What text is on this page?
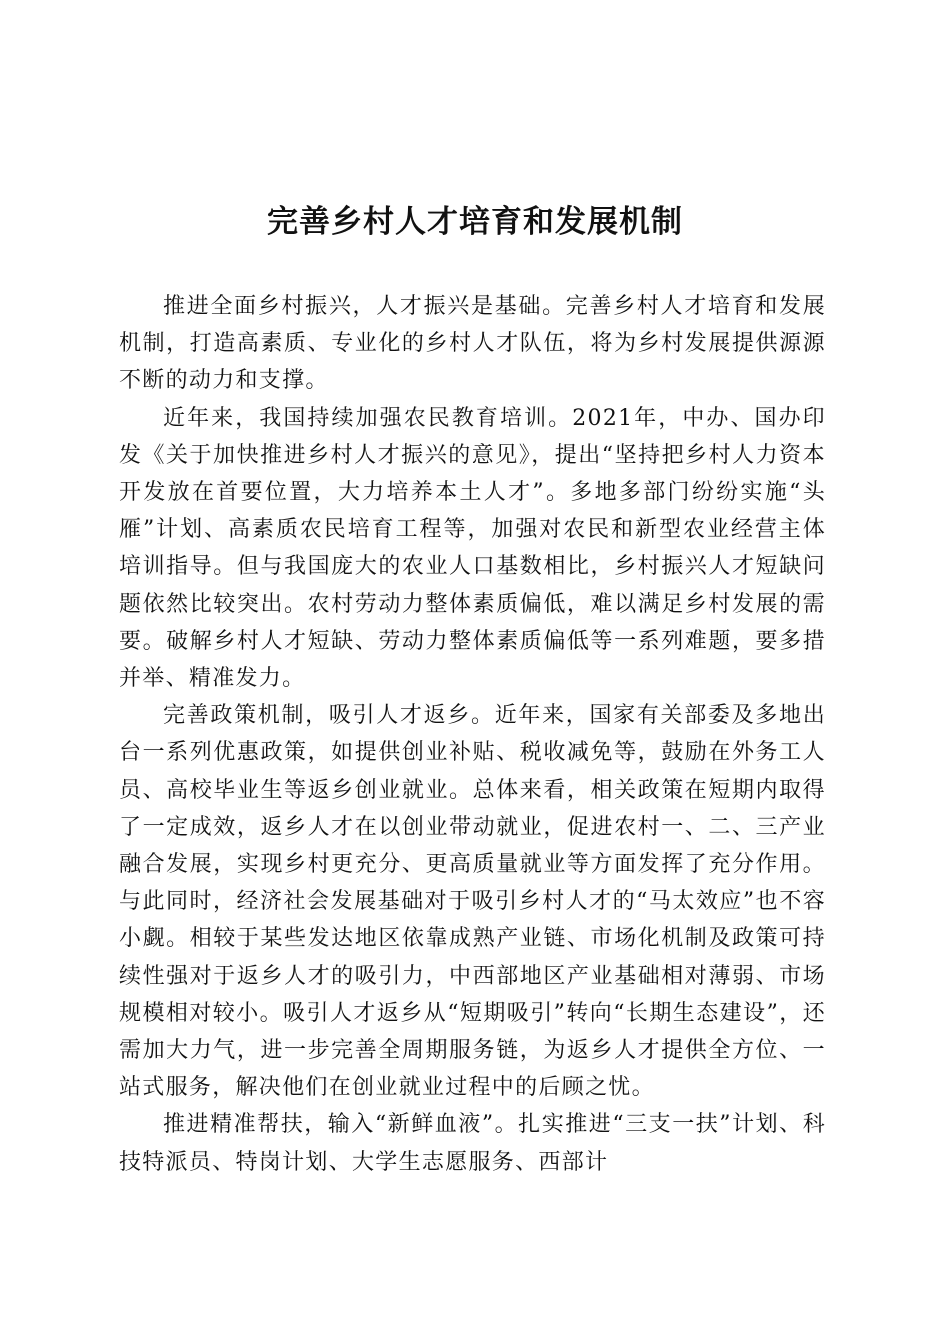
完善乡村人才培育和发展机制

推进全面乡村振兴，人才振兴是基础。完善乡村人才培育和发展机制，打造高素质、专业化的乡村人才队伍，将为乡村发展提供源源不断的动力和支撑。

近年来，我国持续加强农民教育培训。2021年，中办、国办印发《关于加快推进乡村人才振兴的意见》，提出“坚持把乡村人力资本开发放在首要位置，大力培养本土人才”。多地多部门纷纷实施“头雁”计划、高素质农民培育工程等，加强对农民和新型农业经营主体培训指导。但与我国庞大的农业人口基数相比，乡村振兴人才短缺问题依然比较突出。农村劳动力整体素质偏低，难以满足乡村发展的需要。破解乡村人才短缺、劳动力整体素质偏低等一系列难题，要多措并举、精准发力。

完善政策机制，吸引人才返乡。近年来，国家有关部委及多地出台一系列优惠政策，如提供创业补贴、税收减免等，鼓励在外务工人员、高校毕业生等返乡创业就业。总体来看，相关政策在短期内取得了一定成效，返乡人才在以创业带动就业，促进农村一、二、三产业融合发展，实现乡村更充分、更高质量就业等方面发挥了充分作用。与此同时，经济社会发展基础对于吸引乡村人才的“马太效应”也不容小觑。相较于某些发达地区依靠成熟产业链、市场化机制及政策可持续性强对于返乡人才的吸引力，中西部地区产业基础相对薄弱、市场规模相对较小。吸引人才返乡从“短期吸引”转向“长期生态建设”，还需加大力气，进一步完善全周期服务链，为返乡人才提供全方位、一站式服务，解决他们在创业就业过程中的后顾之忧。

推进精准帮扶，输入“新鲜血液”。扎实推进“三支一扶”计划、科技特派员、特岗计划、大学生志愿服务、西部计
